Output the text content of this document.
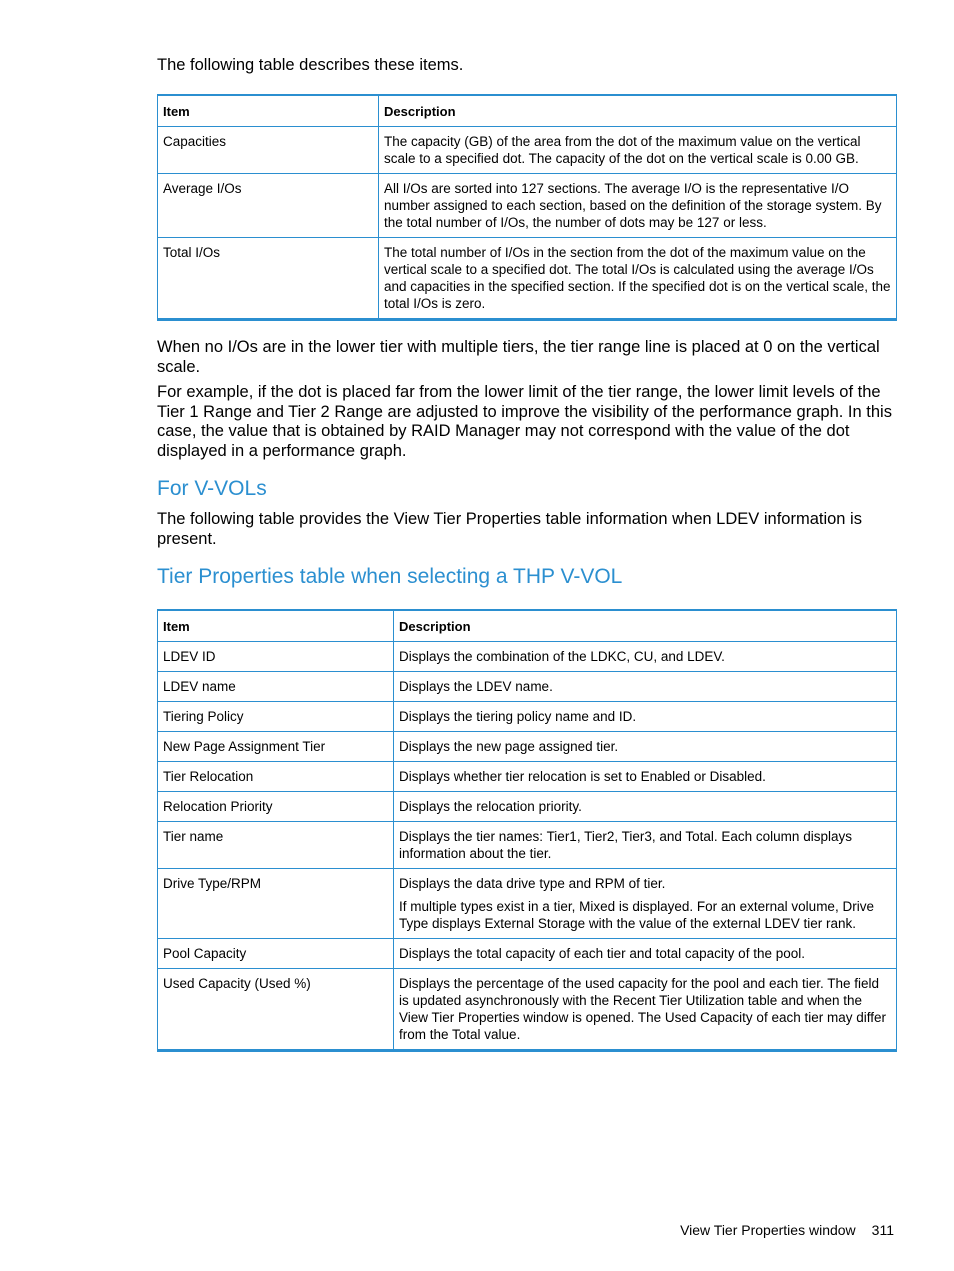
The following table describes these items.

Item	Description
Capacities	The capacity (GB) of the area from the dot of the maximum value on the vertical scale to a specified dot. The capacity of the dot on the vertical scale is 0.00 GB.
Average I/Os	All I/Os are sorted into 127 sections. The average I/O is the representative I/O number assigned to each section, based on the definition of the storage system. By the total number of I/Os, the number of dots may be 127 or less.
Total I/Os	The total number of I/Os in the section from the dot of the maximum value on the vertical scale to a specified dot. The total I/Os is calculated using the average I/Os and capacities in the specified section. If the specified dot is on the vertical scale, the total I/Os is zero.

When no I/Os are in the lower tier with multiple tiers, the tier range line is placed at 0 on the vertical scale.

For example, if the dot is placed far from the lower limit of the tier range, the lower limit levels of the Tier 1 Range and Tier 2 Range are adjusted to improve the visibility of the performance graph. In this case, the value that is obtained by RAID Manager may not correspond with the value of the dot displayed in a performance graph.

For V-VOLs

The following table provides the View Tier Properties table information when LDEV information is present.

Tier Properties table when selecting a THP V-VOL
Item	Description
LDEV ID	Displays the combination of the LDKC, CU, and LDEV.
LDEV name	Displays the LDEV name.
Tiering Policy	Displays the tiering policy name and ID.
New Page Assignment Tier	Displays the new page assigned tier.
Tier Relocation	Displays whether tier relocation is set to Enabled or Disabled.
Relocation Priority	Displays the relocation priority.
Tier name	Displays the tier names: Tier1, Tier2, Tier3, and Total. Each column displays information about the tier.
Drive Type/RPM	Displays the data drive type and RPM of tier.

If multiple types exist in a tier, Mixed is displayed. For an external volume, Drive Type displays External Storage with the value of the external LDEV tier rank.

Pool Capacity	Displays the total capacity of each tier and total capacity of the pool.
Used Capacity (Used %)	Displays the percentage of the used capacity for the pool and each tier. The field is updated asynchronously with the Recent Tier Utilization table and when the View Tier Properties window is opened. The Used Capacity of each tier may differ from the Total value.
View Tier Properties window 311
